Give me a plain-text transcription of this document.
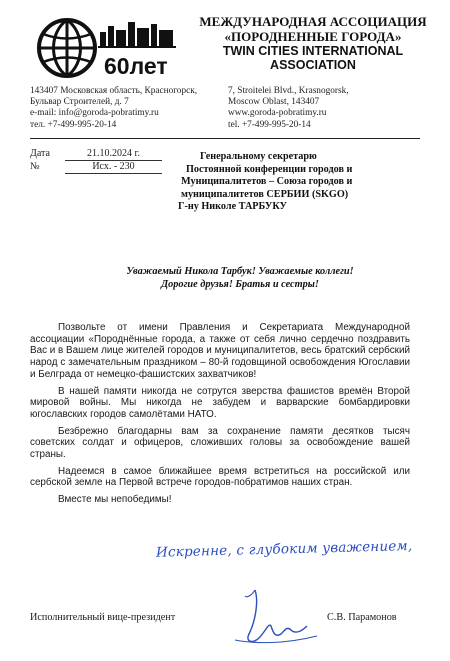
60лет
МЕЖДУНАРОДНАЯ АССОЦИАЦИЯ
«ПОРОДНЕННЫЕ ГОРОДА»
TWIN CITIES INTERNATIONAL
ASSOCIATION
143407 Московская область, Красногорск,
Бульвар Строителей, д. 7
e-mail: info@goroda-pobratimy.ru
тел. +7-499-995-20-14
7, Stroitelei Blvd., Krasnogorsk,
Moscow Oblast, 143407
www.goroda-pobratimy.ru
tel. +7-499-995-20-14
Дата	21.10.2024 г.
№	Исх. - 230
Генеральному секретарю
Постоянной конференции городов и
Муниципалитетов – Союза городов и
муниципалитетов СЕРБИИ (SKGO)
Г-ну Николе ТАРБУКУ
Уважаемый Никола Тарбук! Уважаемые коллеги!
Дорогие друзья! Братья и сестры!

Позвольте от имени Правления и Секретариата Международной ассоциации «Породнённые города, а также от себя лично сердечно поздравить Вас и в Вашем лице жителей городов и муниципалитетов, весь братский сербский народ с замечательным праздником – 80-й годовщиной освобождения Югославии и Белграда от немецко-фашистских захватчиков!

В нашей памяти никогда не сотрутся зверства фашистов времён Второй мировой войны. Мы никогда не забудем и варварские бомбардировки югославских городов самолётами НАТО.

Безбрежно благодарны вам за сохранение памяти десятков тысяч советских солдат и офицеров, сложивших головы за освобождение вашей страны.

Надеемся в самое ближайшее время встретиться на российской или сербской земле на Первой встрече городов-побратимов наших стран.

Вместе мы непобедимы!

Искренне, с глубоким уважением,
Исполнительный вице-президент	С.В. Парамонов
